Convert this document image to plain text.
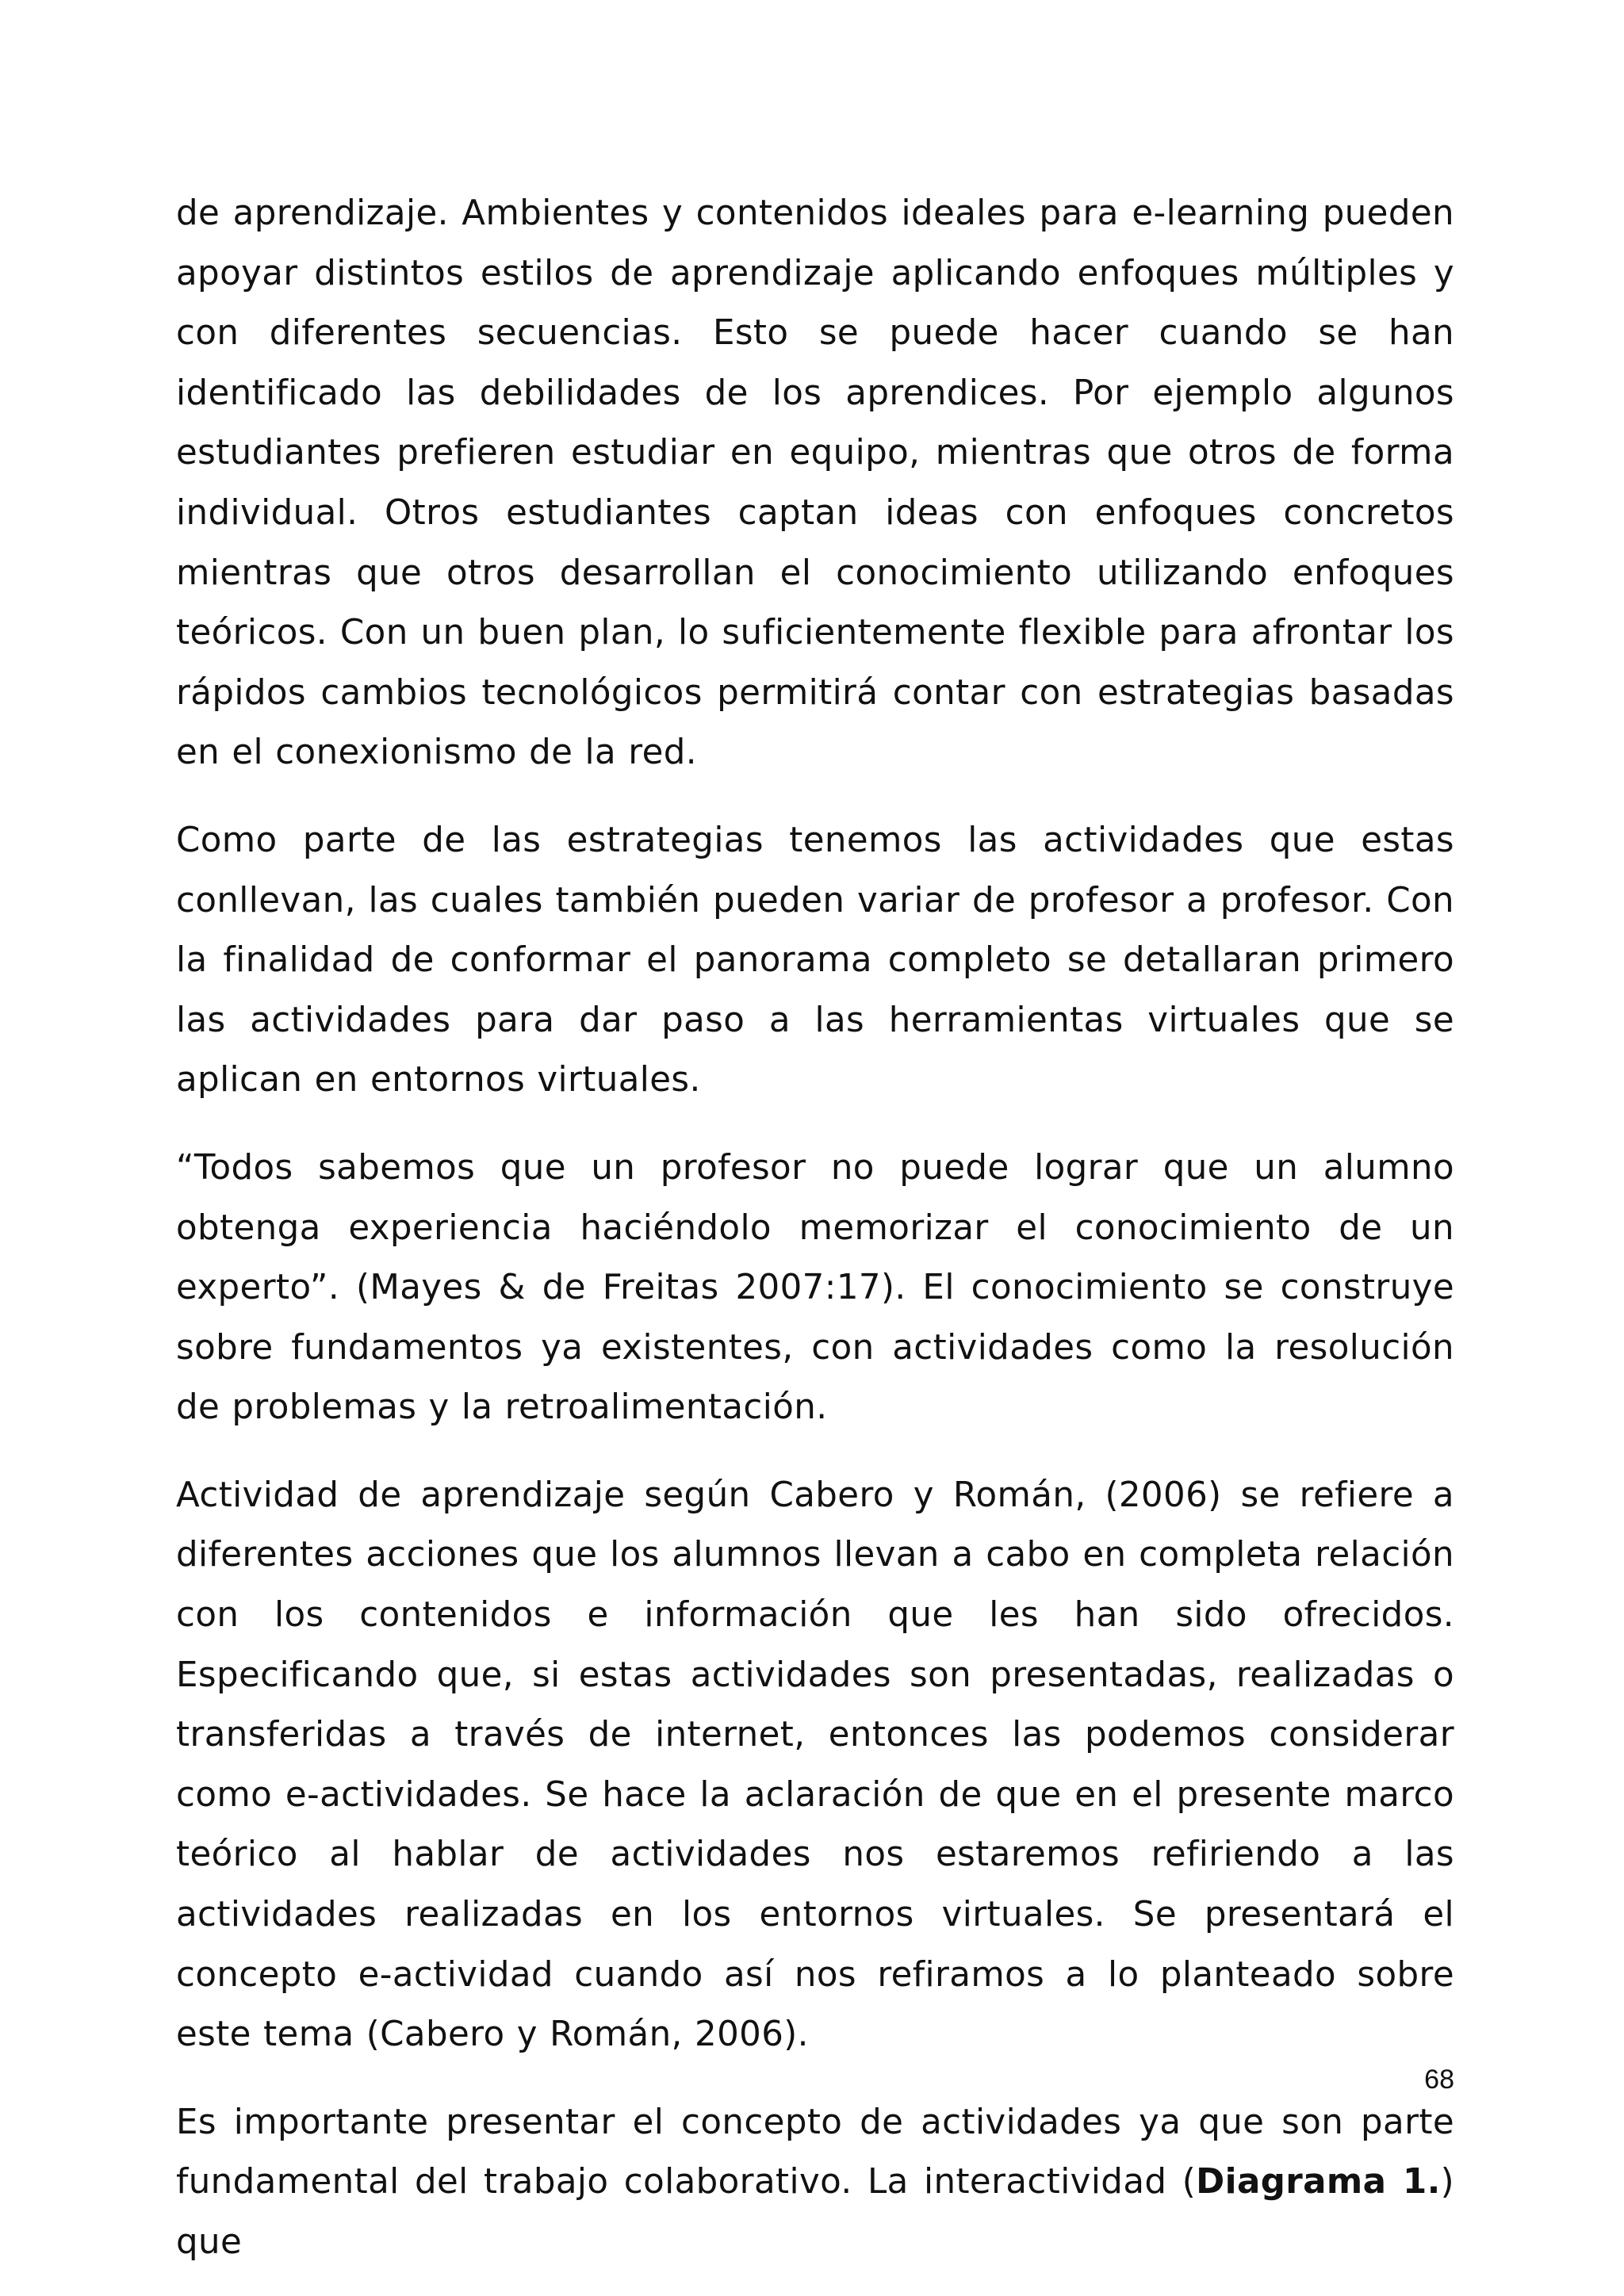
de aprendizaje. Ambientes y contenidos ideales para e-learning pueden apoyar distintos estilos de aprendizaje aplicando enfoques múltiples y con diferentes secuencias. Esto se puede hacer cuando se han identificado las debilidades de los aprendices. Por ejemplo algunos estudiantes prefieren estudiar en equipo, mientras que otros de forma individual. Otros estudiantes captan ideas con enfoques concretos mientras que otros desarrollan el conocimiento utilizando enfoques teóricos. Con un buen plan, lo suficientemente flexible para afrontar los rápidos cambios tecnológicos permitirá contar con estrategias basadas en el conexionismo de la red.

Como parte de las estrategias tenemos las actividades que estas conllevan, las cuales también pueden variar de profesor a profesor. Con la finalidad de conformar el panorama completo se detallaran primero las actividades para dar paso a las herramientas virtuales que se aplican en entornos virtuales.

“Todos sabemos que un profesor no puede lograr que un alumno obtenga experiencia haciéndolo memorizar el conocimiento de un experto”. (Mayes & de Freitas 2007:17). El conocimiento se construye sobre fundamentos ya existentes, con actividades como la resolución de problemas y la retroalimentación.

Actividad de aprendizaje según Cabero y Román, (2006) se refiere a diferentes acciones que los alumnos llevan a cabo en completa relación con los contenidos e información que les han sido ofrecidos. Especificando que, si estas actividades son presentadas, realizadas o transferidas a través de internet, entonces las podemos considerar como e-actividades. Se hace la aclaración de que en el presente marco teórico al hablar de actividades nos estaremos refiriendo a las actividades realizadas en los entornos virtuales. Se presentará el concepto e-actividad cuando así nos refiramos a lo planteado sobre este tema (Cabero y Román, 2006).

Es importante presentar el concepto de actividades ya que son parte fundamental del trabajo colaborativo. La interactividad (Diagrama 1.) que

68
